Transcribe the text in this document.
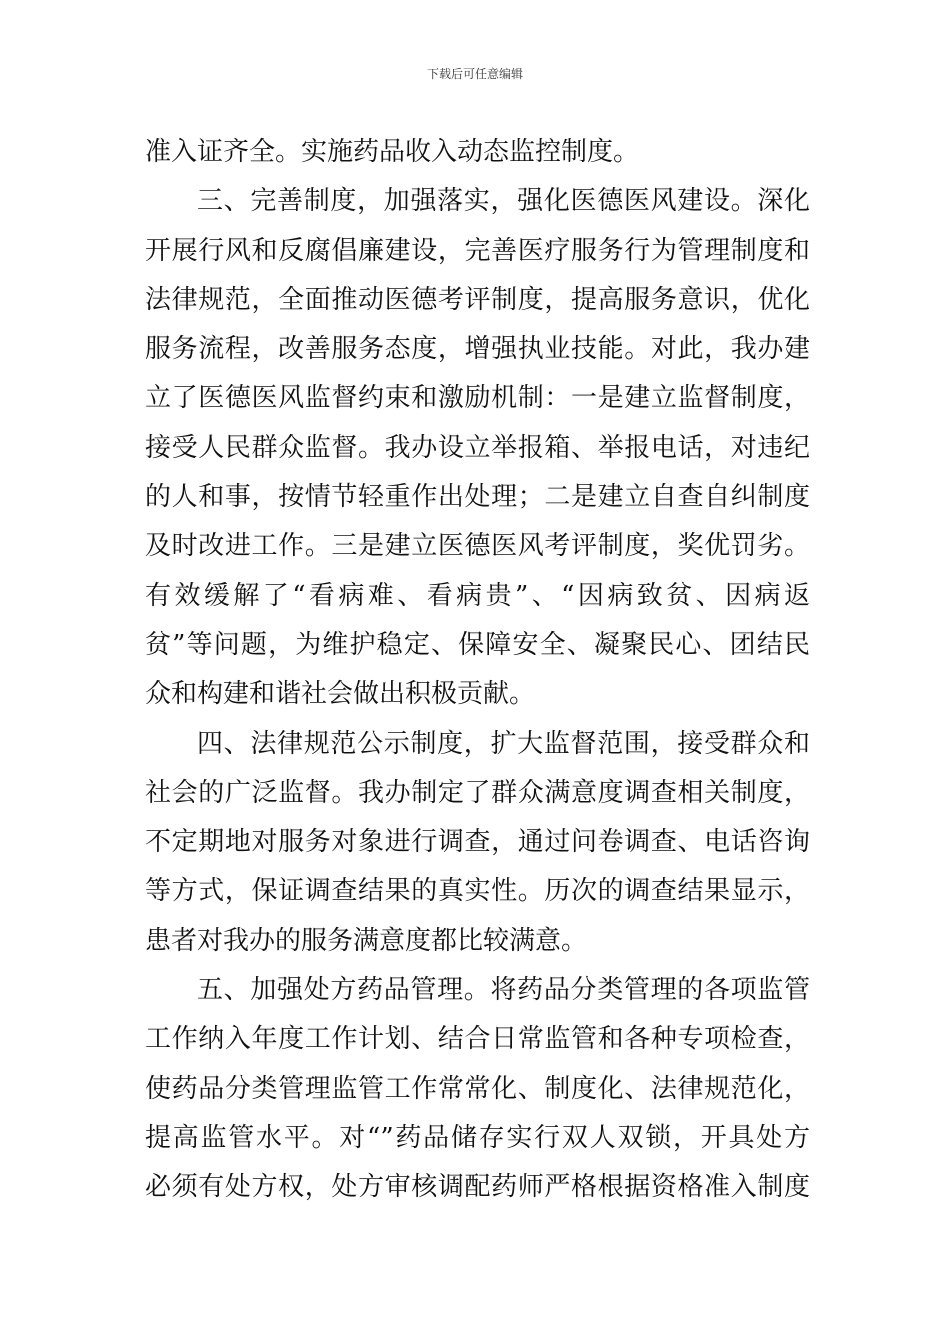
下载后可任意编辑
准入证齐全。实施药品收入动态监控制度。
三、完善制度，加强落实，强化医德医风建设。深化
开展行风和反腐倡廉建设，完善医疗服务行为管理制度和
法律规范，全面推动医德考评制度，提高服务意识，优化
服务流程，改善服务态度，增强执业技能。对此，我办建
立了医德医风监督约束和激励机制：一是建立监督制度，
接受人民群众监督。我办设立举报箱、举报电话，对违纪
的人和事，按情节轻重作出处理；二是建立自查自纠制度
及时改进工作。三是建立医德医风考评制度，奖优罚劣。
有效缓解了“看病难、看病贵”、“因病致贫、因病返
贫”等问题，为维护稳定、保障安全、凝聚民心、团结民
众和构建和谐社会做出积极贡献。
四、法律规范公示制度，扩大监督范围，接受群众和
社会的广泛监督。我办制定了群众满意度调查相关制度，
不定期地对服务对象进行调查，通过问卷调查、电话咨询
等方式，保证调查结果的真实性。历次的调查结果显示，
患者对我办的服务满意度都比较满意。
五、加强处方药品管理。将药品分类管理的各项监管
工作纳入年度工作计划、结合日常监管和各种专项检查，
使药品分类管理监管工作常常化、制度化、法律规范化，
提高监管水平。对“”药品储存实行双人双锁，开具处方
必须有处方权，处方审核调配药师严格根据资格准入制度
